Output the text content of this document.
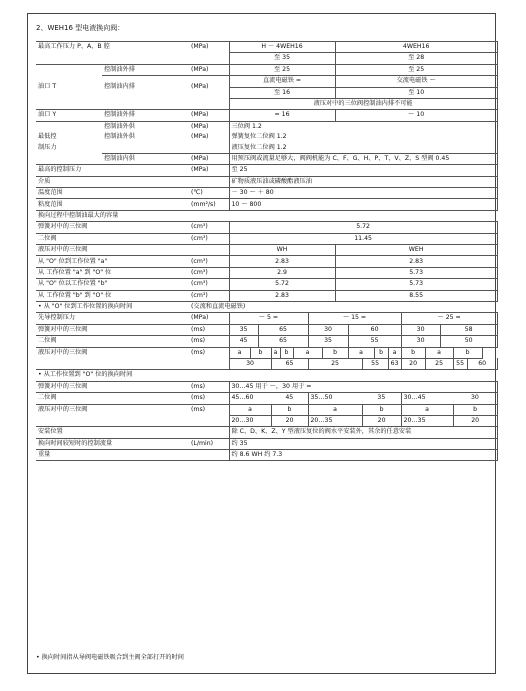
2、WEH16 型电液换向阀：
最高工作压力 P、A、B 腔		(MPa)	H － 4WEH16								4WEH16									
			至 35								至 28									
油口 T	控制油外排	(MPa)	至 25								至 25									
	控制油内排	(MPa)	直流电磁铁 =								交流电磁铁 ～									
			至 16								至 10									
			液压对中的三位阀控制油内排不可能																	
油口 Y	控制油外排	(MPa)	= 16								～ 10									
	控制油外供	(MPa)	三位阀 1.2																	
最低控	控制油外供	(MPa)	弹簧复位二位阀 1.2																	
制压力			液压复位二位阀 1.2																	
	控制油内供	(MPa)	用预压阀或流量足够大，阀阀机能为 C、F、G、H、P、T、V、Z、S 型阀 0.45																	
最高的控制压力		(MPa)	至 25																	
介质			矿物质液压油或磷酸酯液压油																	
温度范围		(℃)	－ 30 ～ ＋ 80																	
粘度范围		(mm²/s)	10 ～ 800																	
换向过程中控制油最大的容量																				
弹簧对中的三位阀		(cm³)	5.72																	
二位阀		(cm³)	11.45																	
液压对中的三位阀			WH								WEH									
从 "O" 位到工作位置 "a"		(cm³)	2.83								2.83									
从 工作位置 "a" 到 "O" 位		(cm³)	2.9								5.73									
从 "O" 位以工作位置 "b"		(cm³)	5.72								5.73									
从 工作位置 "b" 到 "O" 位		(cm³)	2.83								8.55									
• 从 "O" 位到工作位置的换向时间		(交流和直流电磁铁)																		
先导控制压力		(MPa)	～ 5 =						～ 15 =							～ 25 =				
弹簧对中的三位阀		(ms)	35		65				30			60				30		58		
二位阀		(ms)	45		65				35			55				30		50		
液压对中的三位阀		(ms)	a	b		a	b	a		b		a		b	a	b	a		b	
			30			65			25				55		63	20	25		55	60
• 从工作位置到 "O" 位的换向时间																				
弹簧对中的三位阀		(ms)	30…45 用于 ～，30 用于 =																	
二位阀		(ms)	45…60			45			35…50				35			30…45			30	
液压对中的三位阀		(ms)	a			b			a				b			a			b	
			20…30			20			20…35				20			20…35			20	
安装位置			除 C、D、K、Z、Y 型液压复位的阀水平安装外，其余的任意安装																	
换向时间较短时的控制流量		(L/min)	约 35																	
重量			约 8.6 WH 约 7.3																	
• 换向时间指从导阀电磁铁吸合到主阀全部打开的时间
